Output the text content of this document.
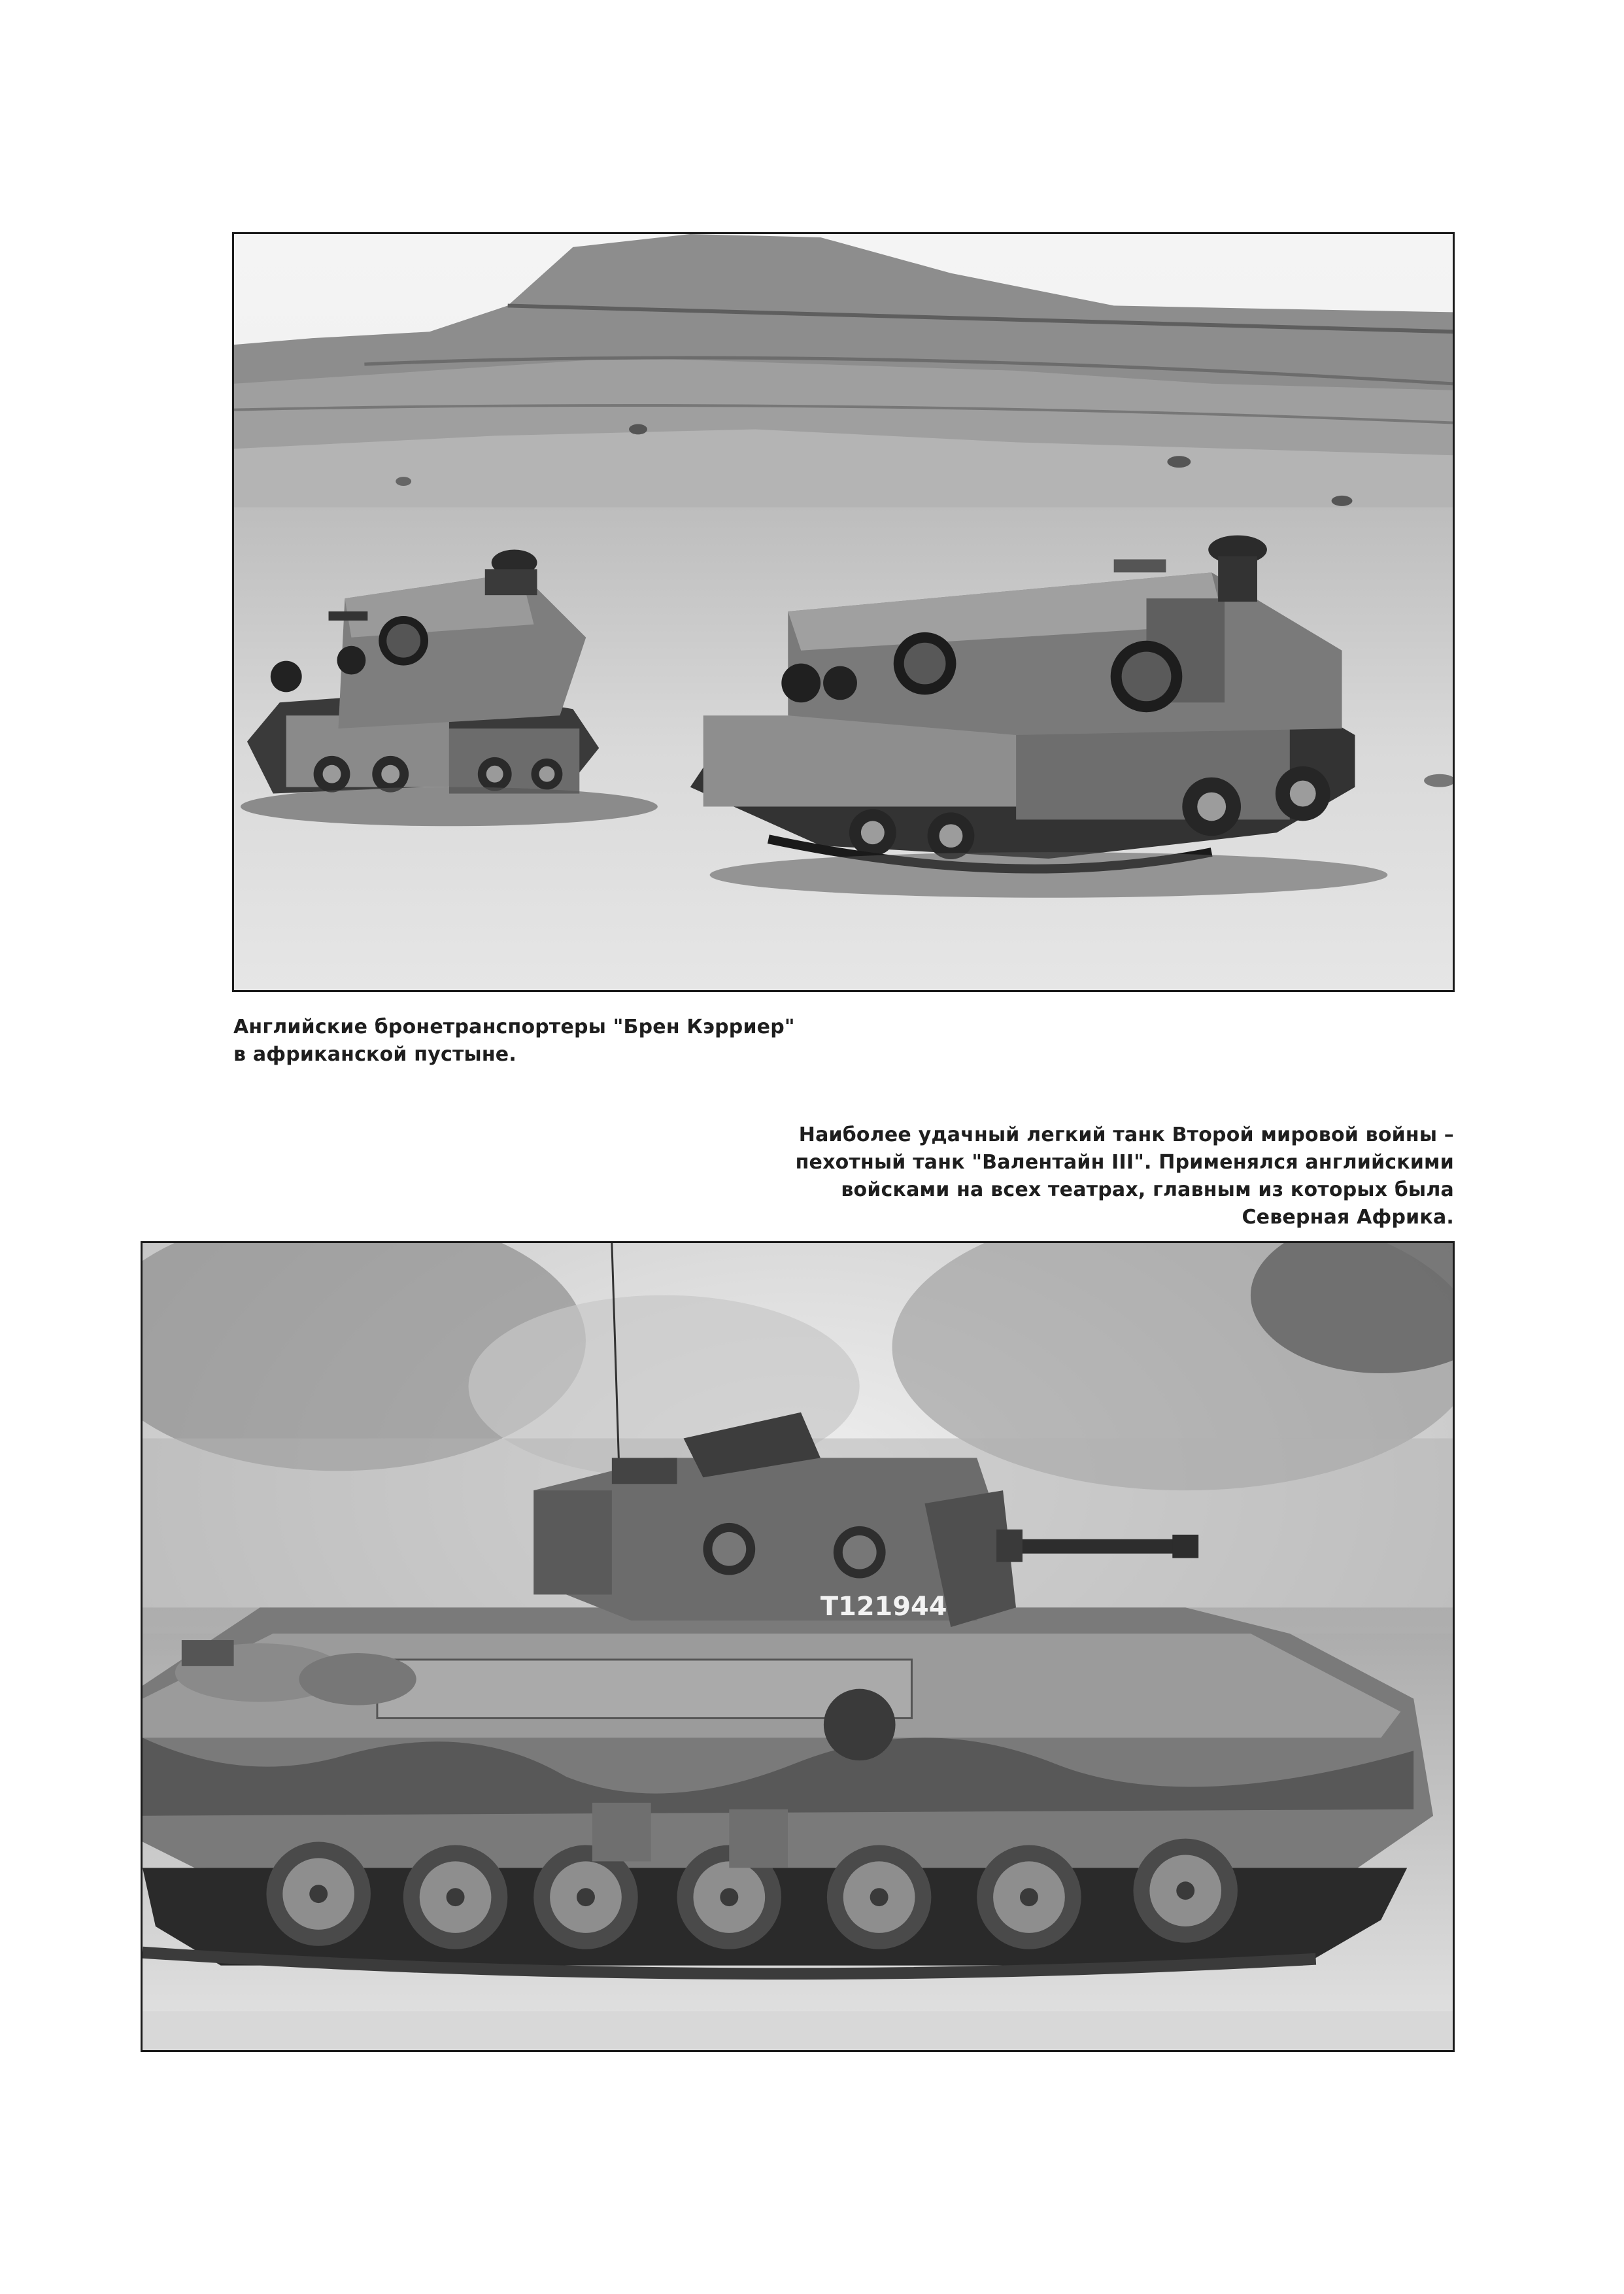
Английские бронетранспортеры "Брен Кэрриер"
в африканской пустыне.
Наиболее удачный легкий танк Второй мировой войны –
пехотный танк "Валентайн III". Применялся английскими
войсками на всех театрах, главным из которых была
Северная Африка.
T121944
